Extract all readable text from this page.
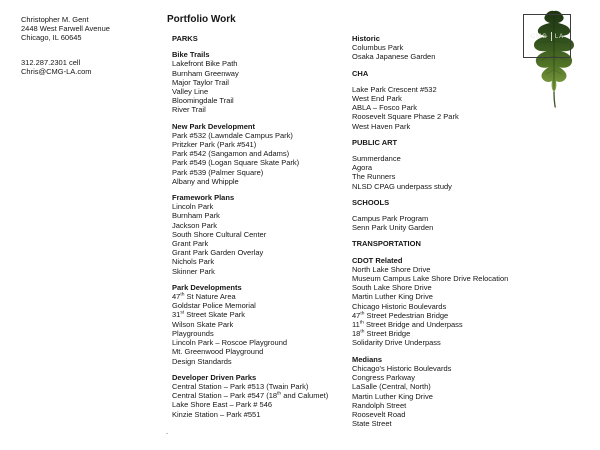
Christopher M. Gent
2448 West Farwell Avenue
Chicago, IL 60645
312.287.2301 cell
Chris@CMG-LA.com
Portfolio Work
PARKS
Bike Trails
Lakefront Bike Path
Burnham Greenway
Major Taylor Trail
Valley Line
Bloomingdale Trail
River Trail
New Park Development
Park #532 (Lawndale Campus Park)
Pritzker Park (Park #541)
Park #542 (Sangamon and Adams)
Park #549 (Logan Square Skate Park)
Park #539 (Palmer Square)
Albany and Whipple
Framework Plans
Lincoln Park
Burnham Park
Jackson Park
South Shore Cultural Center
Grant Park
Grant Park Garden Overlay
Nichols Park
Skinner Park
Park Developments
47th St Nature Area
Goldstar Police Memorial
31st Street Skate Park
Wilson Skate Park
Playgrounds
Lincoln Park – Roscoe Playground
Mt. Greenwood Playground
Design Standards
Developer Driven Parks
Central Station – Park #513 (Twain Park)
Central Station – Park #547 (18th and Calumet)
Lake Shore East – Park # 546
Kinzie Station – Park #551
Historic
Columbus Park
Osaka Japanese Garden
CHA
Lake Park Crescent #532
West End Park
ABLA – Fosco Park
Roosevelt Square Phase 2 Park
West Haven Park
PUBLIC ART
Summerdance
Agora
The Runners
NLSD CPAG underpass study
SCHOOLS
Campus Park Program
Senn Park Unity Garden
TRANSPORTATION
CDOT Related
North Lake Shore Drive
Museum Campus Lake Shore Drive Relocation
South Lake Shore Drive
Martin Luther King Drive
Chicago Historic Boulevards
47th Street Pedestrian Bridge
11th Street Bridge and Underpass
18th Street Bridge
Solidarity Drive Underpass
Medians
Chicago's Historic Boulevards
Congress Parkway
LaSalle (Central, North)
Martin Luther King Drive
Randolph Street
Roosevelt Road
State Street
.
CMG LA
